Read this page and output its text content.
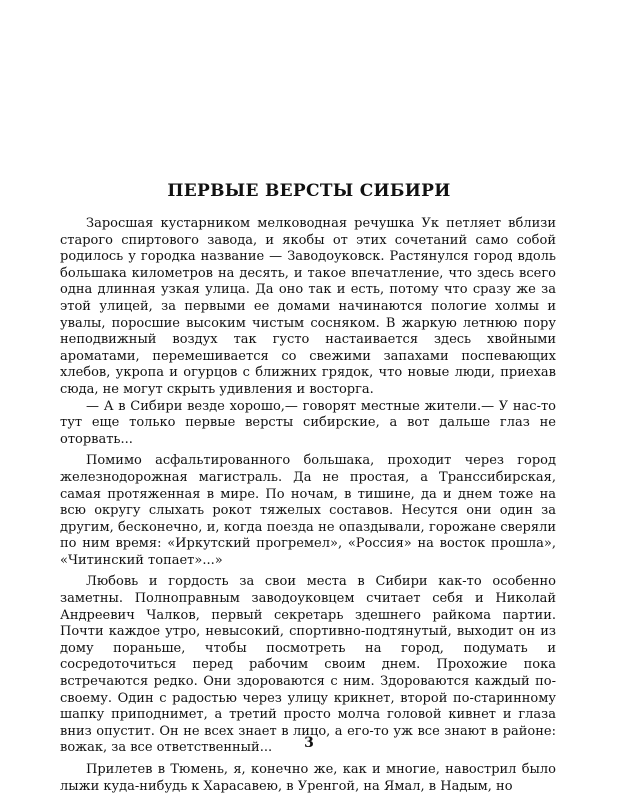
ПЕРВЫЕ ВЕРСТЫ СИБИРИ

Заросшая кустарником мелководная речушка Ук петляет вблизи старого спиртового завода, и якобы от этих сочетаний само собой родилось у городка название — Заводоуковск. Растянулся город вдоль большака километров на десять, и такое впечатление, что здесь всего одна длинная узкая улица. Да оно так и есть, потому что сразу же за этой улицей, за первыми ее домами начинаются пологие холмы и увалы, поросшие высоким чистым сосняком. В жаркую летнюю пору неподвижный воздух так густо настаивается здесь хвойными ароматами, перемешивается со свежими запахами поспевающих хлебов, укропа и огурцов с ближних грядок, что новые люди, приехав сюда, не могут скрыть удивления и восторга.

— А в Сибири везде хорошо,— говорят местные жители.— У нас-то тут еще только первые версты сибирские, а вот дальше глаз не оторвать...

Помимо асфальтированного большака, проходит через город железнодорожная магистраль. Да не простая, а Транссибирская, самая протяженная в мире. По ночам, в тишине, да и днем тоже на всю округу слыхать рокот тяжелых составов. Несутся они один за другим, бесконечно, и, когда поезда не опаздывали, горожане сверяли по ним время: «Иркутский прогремел», «Россия» на восток прошла», «Читинский топает»...»

Любовь и гордость за свои места в Сибири как-то особенно заметны. Полноправным заводоуковцем считает себя и Николай Андреевич Чалков, первый секретарь здешнего райкома партии. Почти каждое утро, невысокий, спортивно-подтянутый, выходит он из дому пораньше, чтобы посмотреть на город, подумать и сосредоточиться перед рабочим своим днем. Прохожие пока встречаются редко. Они здороваются с ним. Здороваются каждый по-своему. Один с радостью через улицу крикнет, второй по-старинному шапку приподнимет, а третий просто молча головой кивнет и глаза вниз опустит. Он не всех знает в лицо, а его-то уж все знают в районе: вожак, за все ответственный...

Прилетев в Тюмень, я, конечно же, как и многие, навострил было лыжи куда-нибудь к Харасавею, в Уренгой, на Ямал, в Надым, но

3
